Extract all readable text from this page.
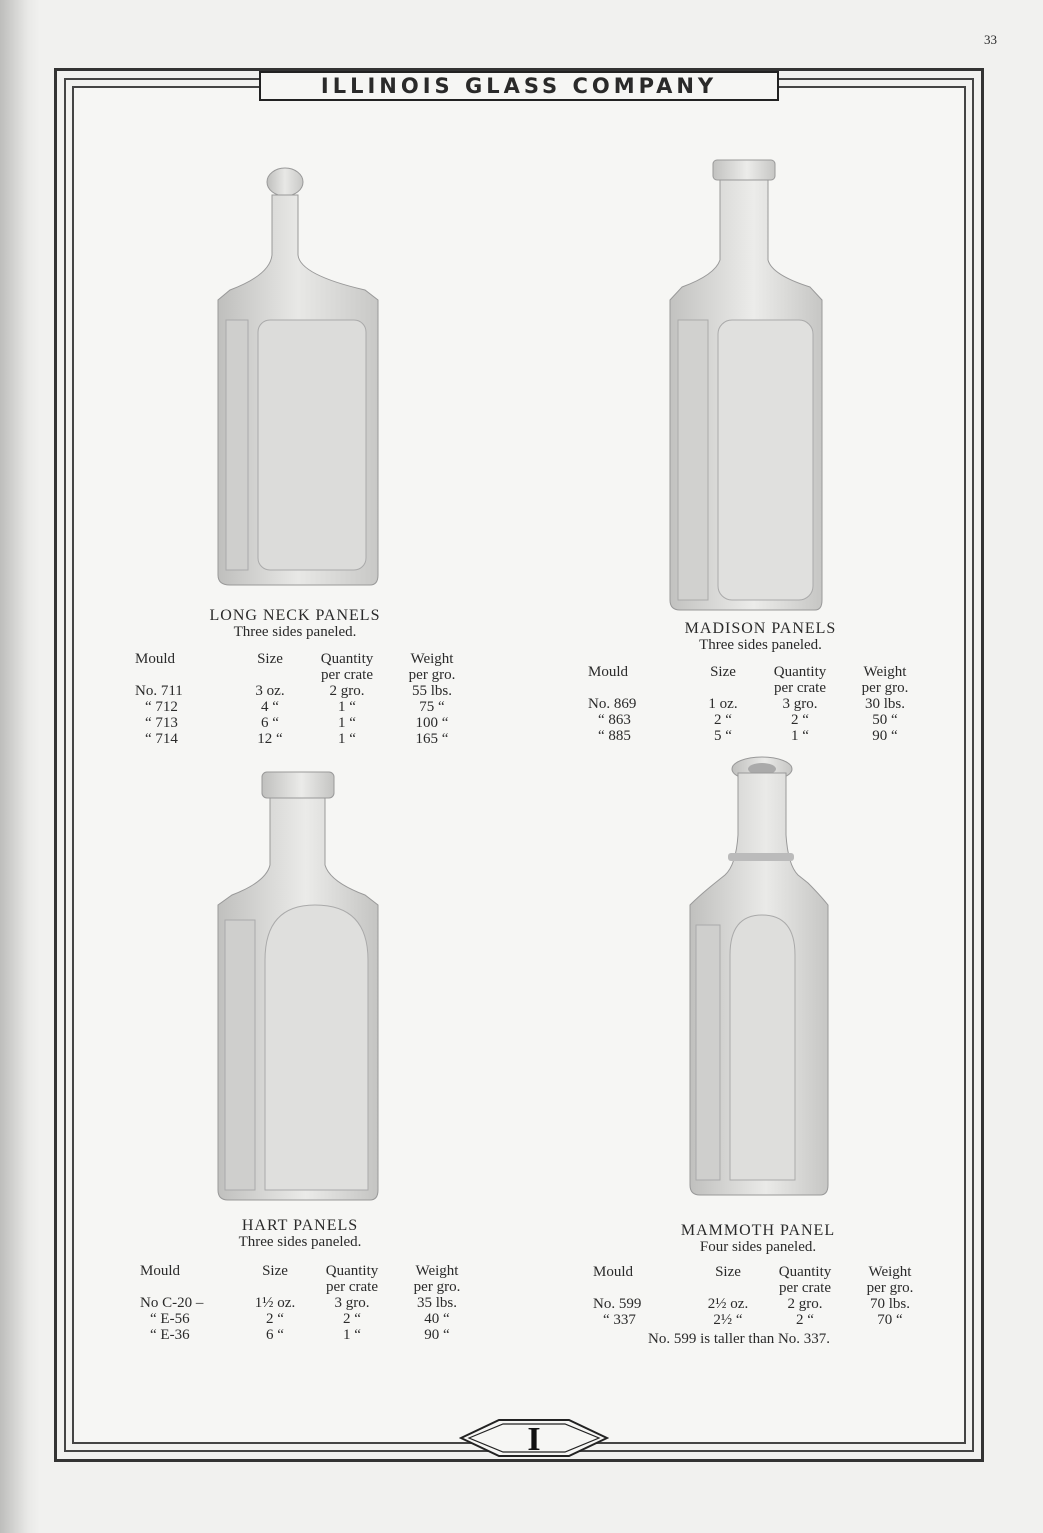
33
ILLINOIS GLASS COMPANY
LONG NECK PANELS
Three sides paneled.
Mould

No. 711
“ 712
“ 713
“ 714
Size

3 oz.
4 “
6 “
12 “
Quantity
per crate
2 gro.
1 “
1 “
1 “
Weight
per gro.
55 lbs.
75 “
100 “
165 “
MADISON PANELS
Three sides paneled.
Mould

No. 869
“ 863
“ 885
Size

1 oz.
2 “
5 “
Quantity
per crate
3 gro.
2 “
1 “
Weight
per gro.
30 lbs.
50 “
90 “
HART PANELS
Three sides paneled.
Mould

No C-20 –
“ E-56
“ E-36
Size

1½ oz.
2 “
6 “
Quantity
per crate
3 gro.
2 “
1 “
Weight
per gro.
35 lbs.
40 “
90 “
MAMMOTH PANEL
Four sides paneled.
Mould

No. 599
“ 337
Size

2½ oz.
2½ “
Quantity
per crate
2 gro.
2 “
Weight
per gro.
70 lbs.
70 “
No. 599 is taller than No. 337.
I
